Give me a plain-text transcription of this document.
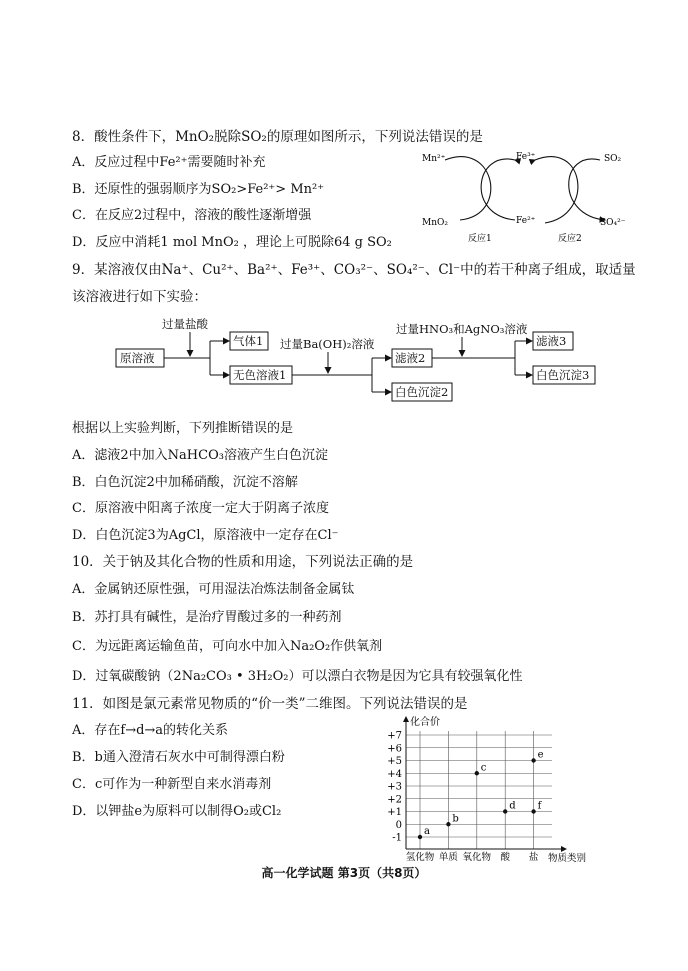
8．酸性条件下，MnO₂脱除SO₂的原理如图所示，下列说法错误的是
A．反应过程中Fe²⁺需要随时补充
B．还原性的强弱顺序为SO₂>Fe²⁺> Mn²⁺
C．在反应2过程中，溶液的酸性逐渐增强
D．反应中消耗1 mol MnO₂ ，理论上可脱除64 g SO₂
Mn²⁺	Fe³⁺	SO₂
MnO₂	Fe²⁺	SO₄²⁻
反应1	反应2
9．某溶液仅由Na⁺、Cu²⁺、Ba²⁺、Fe³⁺、CO₃²⁻、SO₄²⁻、Cl⁻中的若干种离子组成，取适量
该溶液进行如下实验：
原溶液
气体1
无色溶液1
滤液2
白色沉淀2
滤液3
白色沉淀3
过量盐酸
过量Ba(OH)₂溶液
过量HNO₃和AgNO₃溶液
根据以上实验判断，下列推断错误的是
A．滤液2中加入NaHCO₃溶液产生白色沉淀
B．白色沉淀2中加稀硝酸，沉淀不溶解
C．原溶液中阳离子浓度一定大于阴离子浓度
D．白色沉淀3为AgCl，原溶液中一定存在Cl⁻
10．关于钠及其化合物的性质和用途，下列说法正确的是
A．金属钠还原性强，可用湿法冶炼法制备金属钛
B．苏打具有碱性，是治疗胃酸过多的一种药剂
C．为远距离运输鱼苗，可向水中加入Na₂O₂作供氧剂
D．过氧碳酸钠（2Na₂CO₃ • 3H₂O₂）可以漂白衣物是因为它具有较强氧化性
11．如图是氯元素常见物质的“价一类”二维图。下列说法错误的是
A．存在f→d→a的转化关系
B．b通入澄清石灰水中可制得漂白粉
C．c可作为一种新型自来水消毒剂
D．以钾盐e为原料可以制得O₂或Cl₂
+7
+6
+5
+4
+3
+2
+1
0
-1
氢化物 单质 氧化物 酸 盐
a
b
c
d
e
f
化合价
物质类别
高一化学试题 第3页（共8页）
